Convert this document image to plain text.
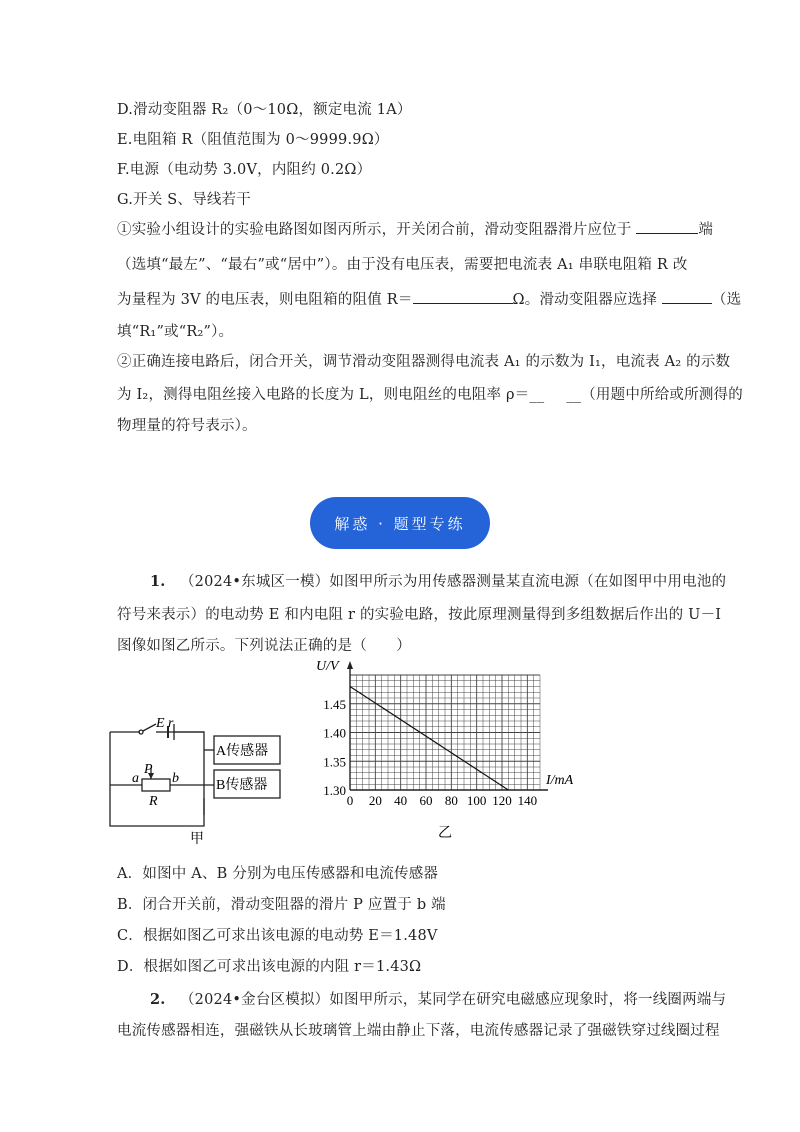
D.滑动变阻器 R₂（0～10Ω，额定电流 1A）
E.电阻箱 R（阻值范围为 0～9999.9Ω）
F.电源（电动势 3.0V，内阻约 0.2Ω）
G.开关 S、导线若干
①实验小组设计的实验电路图如图丙所示，开关闭合前，滑动变阻器滑片应位于	端
（选填“最左”、“最右”或“居中”）。由于没有电压表，需要把电流表 A₁ 串联电阻箱 R 改
为量程为 3V 的电压表，则电阻箱的阻值 R＝	Ω。滑动变阻器应选择	（选
填“R₁”或“R₂”）。
②正确连接电路后，闭合开关，调节滑动变阻器测得电流表 A₁ 的示数为 I₁，电流表 A₂ 的示数
为 I₂，测得电阻丝接入电路的长度为 L，则电阻丝的电阻率 ρ＝__ __（用题中所给或所测得的
物理量的符号表示）。
解惑 · 题型专练
1. （2024•东城区一模）如图甲所示为用传感器测量某直流电源（在如图甲中用电池的
符号来表示）的电动势 E 和内电阻 r 的实验电路，按此原理测量得到多组数据后作出的 U－I
图像如图乙所示。下列说法正确的是（　　）
E r
a b
P
R
A传感器
B传感器
甲
0 20 40 60 80 100 120 140
1.30
1.35
1.40
1.45
U/V
I/mA
乙
A．如图中 A、B 分别为电压传感器和电流传感器
B．闭合开关前，滑动变阻器的滑片 P 应置于 b 端
C．根据如图乙可求出该电源的电动势 E＝1.48V
D．根据如图乙可求出该电源的内阻 r＝1.43Ω
2. （2024•金台区模拟）如图甲所示，某同学在研究电磁感应现象时，将一线圈两端与
电流传感器相连，强磁铁从长玻璃管上端由静止下落，电流传感器记录了强磁铁穿过线圈过程
